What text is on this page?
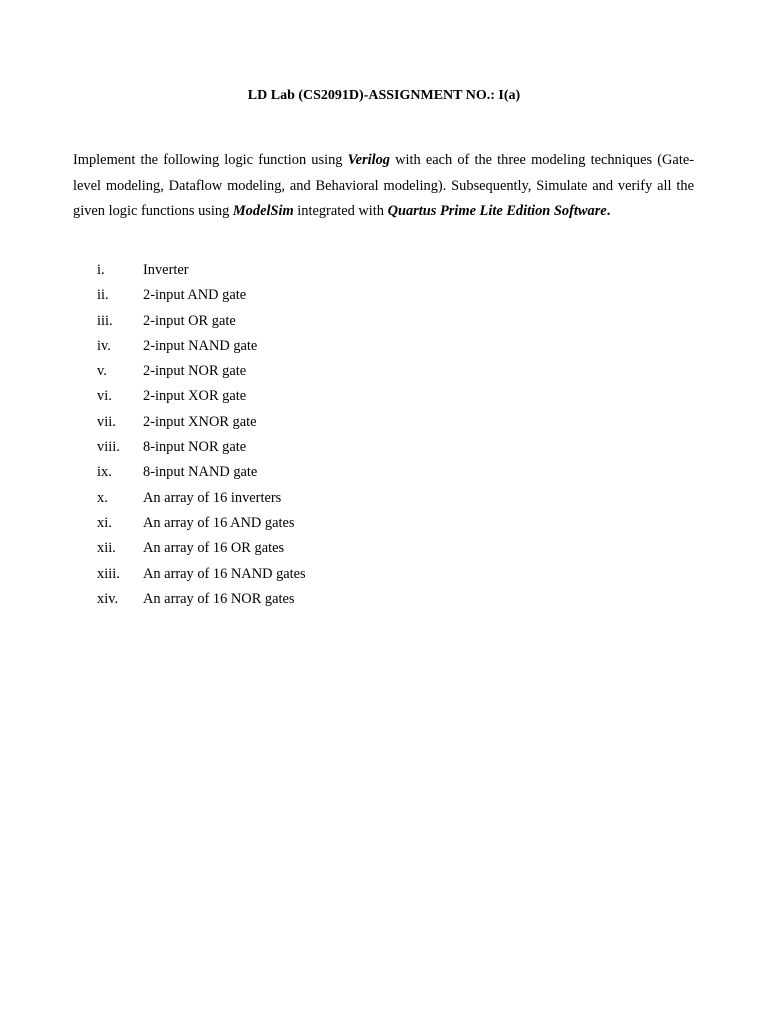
LD Lab (CS2091D)-ASSIGNMENT NO.: I(a)

Implement the following logic function using Verilog with each of the three modeling techniques (Gate-level modeling, Dataflow modeling, and Behavioral modeling). Subsequently, Simulate and verify all the given logic functions using ModelSim integrated with Quartus Prime Lite Edition Software.

i.	Inverter
ii. 2-input AND gate
iii. 2-input OR gate
iv. 2-input NAND gate
v.	2-input NOR gate
vi. 2-input XOR gate
vii. 2-input XNOR gate
viii. 8-input NOR gate
ix. 8-input NAND gate
x. An array of 16 inverters
xi. An array of 16 AND gates
xii. An array of 16 OR gates
xiii. An array of 16 NAND gates
xiv. An array of 16 NOR gates
